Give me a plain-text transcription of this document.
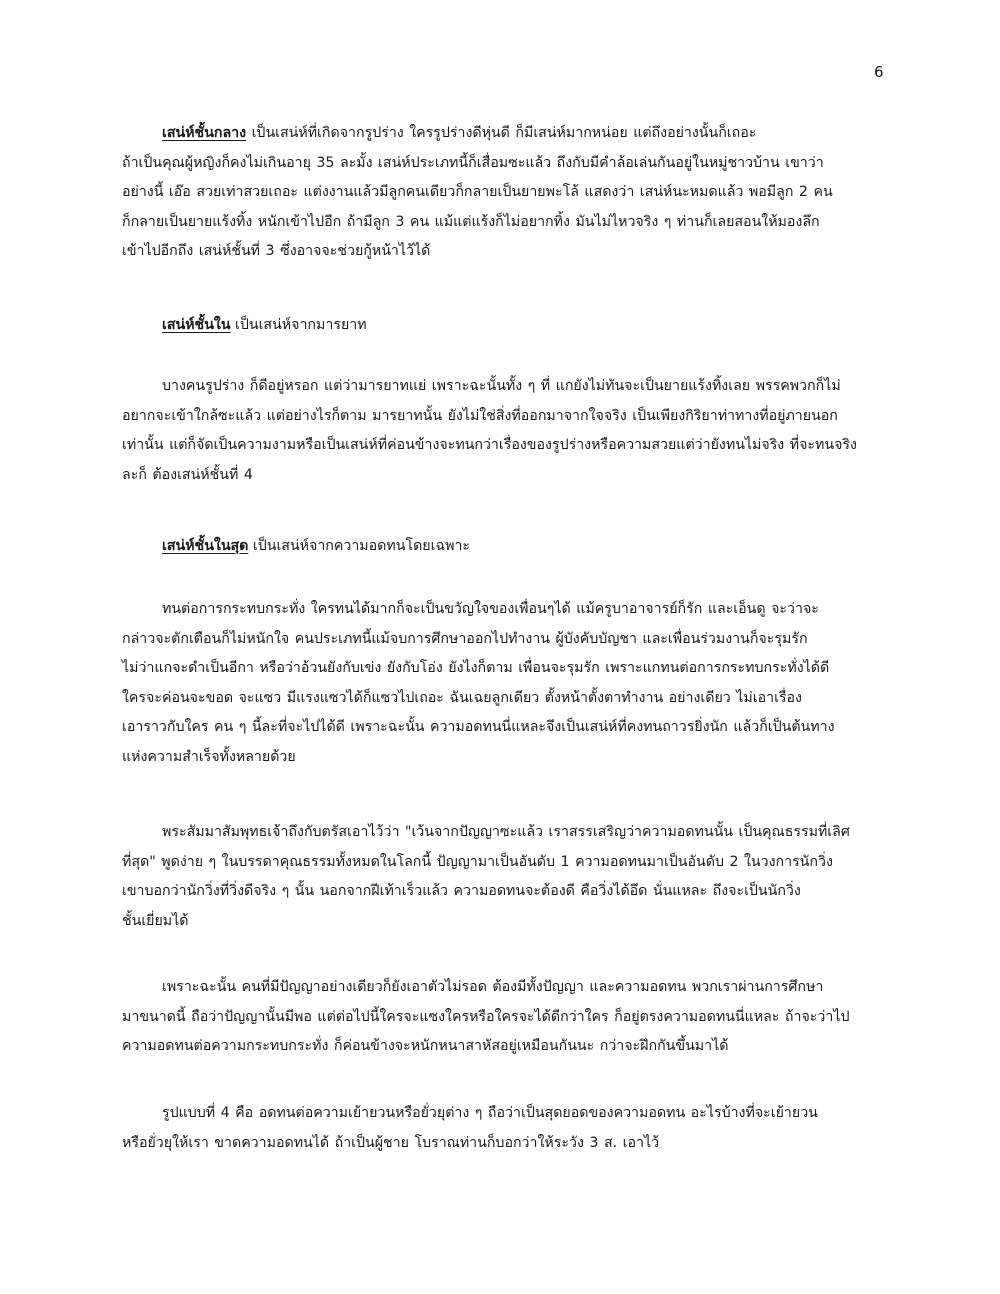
6
เสน่ห์ชั้นกลาง เป็นเสน่ห์ที่เกิดจากรูปร่าง ใครรูปร่างดีหุ่นดี ก็มีเสน่ห์มากหน่อย แต่ถึงอย่างนั้นก็เถอะ
ถ้าเป็นคุณผู้หญิงก็คงไม่เกินอายุ 35 ละมั้ง เสน่ห์ประเภทนี้ก็เสื่อมซะแล้ว ถึงกับมีคำล้อเล่นกันอยู่ในหมู่ชาวบ้าน เขาว่า
อย่างนี้ เอ๊อ สวยเท่าสวยเถอะ แต่งงานแล้วมีลูกคนเดียวก็กลายเป็นยายพะโล้ แสดงว่า เสน่ห์นะหมดแล้ว พอมีลูก 2 คน
ก็กลายเป็นยายแร้งทิ้ง หนักเข้าไปอีก ถ้ามีลูก 3 คน แม้แต่แร้งก็ไม่อยากทิ้ง มันไม่ไหวจริง ๆ ท่านก็เลยสอนให้มองลึก
เข้าไปอีกถึง เสน่ห์ชั้นที่ 3 ซึ่งอาจจะช่วยกู้หน้าไว้ได้
เสน่ห์ชั้นใน เป็นเสน่ห์จากมารยาท
บางคนรูปร่าง ก็ดีอยู่หรอก แต่ว่ามารยาทแย่ เพราะฉะนั้นทั้ง ๆ ที่ แกยังไม่ทันจะเป็นยายแร้งทิ้งเลย พรรคพวกก็ไม่
อยากจะเข้าใกล้ซะแล้ว แต่อย่างไรก็ตาม มารยาทนั้น ยังไม่ใช่สิ่งที่ออกมาจากใจจริง เป็นเพียงกิริยาท่าทางที่อยู่ภายนอก
เท่านั้น แต่ก็จัดเป็นความงามหรือเป็นเสน่ห์ที่ค่อนข้างจะทนกว่าเรื่องของรูปร่างหรือความสวยแต่ว่ายังทนไม่จริง ที่จะทนจริง
ละก็ ต้องเสน่ห์ชั้นที่ 4
เสน่ห์ชั้นในสุด เป็นเสน่ห์จากความอดทนโดยเฉพาะ
ทนต่อการกระทบกระทั่ง ใครทนได้มากก็จะเป็นขวัญใจของเพื่อนๆได้ แม้ครูบาอาจารย์ก็รัก และเอ็นดู จะว่าจะ
กล่าวจะตักเตือนก็ไม่หนักใจ คนประเภทนี้แม้จบการศึกษาออกไปทำงาน ผู้บังคับบัญชา และเพื่อนร่วมงานก็จะรุมรัก
ไม่ว่าแกจะดำเป็นอีกา หรือว่าอ้วนยังกับเข่ง ยังกับโอ่ง ยังไงก็ตาม เพื่อนจะรุมรัก เพราะแกทนต่อการกระทบกระทั่งได้ดี
ใครจะค่อนจะขอด จะแซว มีแรงแซวได้ก็แซวไปเถอะ ฉันเฉยลูกเดียว ตั้งหน้าตั้งตาทำงาน อย่างเดียว ไม่เอาเรื่อง
เอาราวกับใคร คน ๆ นี้ละที่จะไปได้ดี เพราะฉะนั้น ความอดทนนี่แหละจึงเป็นเสน่ห์ที่คงทนถาวรยิ่งนัก แล้วก็เป็นต้นทาง
แห่งความสำเร็จทั้งหลายด้วย
พระสัมมาสัมพุทธเจ้าถึงกับตรัสเอาไว้ว่า "เว้นจากปัญญาซะแล้ว เราสรรเสริญว่าความอดทนนั้น เป็นคุณธรรมที่เลิศ
ที่สุด" พูดง่าย ๆ ในบรรดาคุณธรรมทั้งหมดในโลกนี้ ปัญญามาเป็นอันดับ 1 ความอดทนมาเป็นอันดับ 2 ในวงการนักวิ่ง
เขาบอกว่านักวิ่งที่วิ่งดีจริง ๆ นั้น นอกจากฝีเท้าเร็วแล้ว ความอดทนจะต้องดี คือวิ่งได้อึด นั่นแหละ ถึงจะเป็นนักวิ่ง
ชั้นเยี่ยมได้
เพราะฉะนั้น คนที่มีปัญญาอย่างเดียวก็ยังเอาตัวไม่รอด ต้องมีทั้งปัญญา และความอดทน พวกเราผ่านการศึกษา
มาขนาดนี้ ถือว่าปัญญานั้นมีพอ แต่ต่อไปนี้ใครจะแซงใครหรือใครจะได้ดีกว่าใคร ก็อยู่ตรงความอดทนนี่แหละ ถ้าจะว่าไป
ความอดทนต่อความกระทบกระทั่ง ก็ค่อนข้างจะหนักหนาสาหัสอยู่เหมือนกันนะ กว่าจะฝึกกันขึ้นมาได้
รูปแบบที่ 4 คือ อดทนต่อความเย้ายวนหรือยั่วยุต่าง ๆ ถือว่าเป็นสุดยอดของความอดทน อะไรบ้างที่จะเย้ายวน
หรือยั่วยุให้เรา ขาดความอดทนได้ ถ้าเป็นผู้ชาย โบราณท่านก็บอกว่าให้ระวัง 3 ส. เอาไว้
